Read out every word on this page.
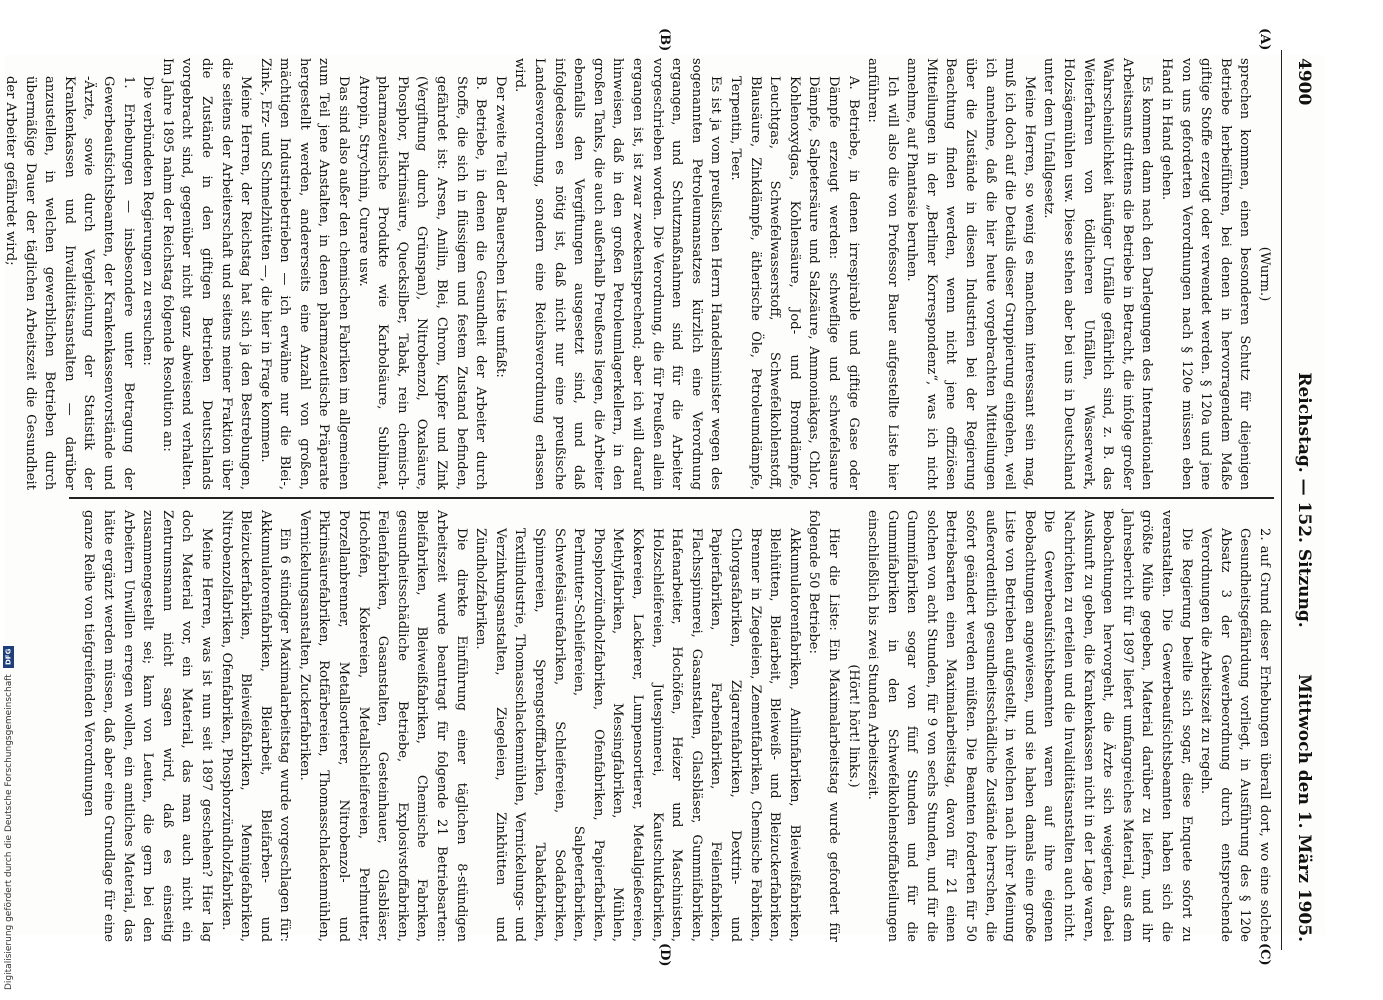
4900
Reichstag. — 152. Sitzung.
Mittwoch den 1. März 1905.
(A)
(B)
(C)
(D)

(Wurm.)

sprechen kommen, einen besonderen Schutz für diejenigen Betriebe herbeiführen, bei denen in hervorragendem Maße giftige Stoffe erzeugt oder verwendet werden. § 120a und jene von uns geforderten Verordnungen nach § 120e müssen eben Hand in Hand gehen.

Es kommen dann nach den Darlegungen des Internationalen Arbeitsamts drittens die Betriebe in Betracht, die infolge großer Wahrscheinlichkeit häufiger Unfälle gefährlich sind, z. B. das Weiterfahren von tödlicheren Unfällen, Wasserwerk, Holzsägemühlen usw. Diese stehen aber bei uns in Deutschland unter dem Unfallgesetz.

Meine Herren, so wenig es manchem interessant sein mag, muß ich doch auf die Details dieser Gruppierung eingehen, weil ich annehme, daß die hier heute vorgebrachten Mitteilungen über die Zustände in diesen Industrien bei der Regierung Beachtung finden werden, wenn nicht jene offiziösen Mitteilungen in der „Berliner Korrespondenz“, was ich nicht annehme, auf Phantasie beruhen.

Ich will also die von Professor Bauer aufgestellte Liste hier anführen:

A. Betriebe, in denen irrespirable und giftige Gase oder Dämpfe erzeugt werden: schweflige und schwefelsaure Dämpfe, Salpetersäure und Salzsäure, Ammoniakgas, Chlor, Kohlenoxydgas, Kohlensäure, Jod- und Bromdämpfe, Leuchtgas, Schwefelwasserstoff, Schwefelkohlenstoff, Blausäure, Zinkdämpfe, ätherische Öle, Petroleumdämpfe, Terpentin, Teer.

Es ist ja vom preußischen Herrn Handelsminister wegen des sogenannten Petroleumansatzes kürzlich eine Verordnung ergangen, und Schutzmaßnahmen sind für die Arbeiter vorgeschrieben worden. Die Verordnung, die für Preußen allein ergangen ist, ist zwar zweckentsprechend; aber ich will darauf hinweisen, daß in den großen Petroleumlagerkellern, in den großen Tanks, die auch außerhalb Preußens liegen, die Arbeiter ebenfalls den Vergiftungen ausgesetzt sind, und daß infolgedessen es nötig ist, daß nicht nur eine preußische Landesverordnung, sondern eine Reichsverordnung erlassen wird.

Der zweite Teil der Bauerschen Liste umfaßt:

B. Betriebe, in denen die Gesundheit der Arbeiter durch Stoffe, die sich in flüssigem und festem Zustand befinden, gefährdet ist: Arsen, Anilin, Blei, Chrom, Kupfer und Zink (Vergiftung durch Grünspan), Nitrobenzol, Oxalsäure, Phosphor, Pikrinsäure, Quecksilber, Tabak, rein chemisch-pharmazeutische Produkte wie Karbolsäure, Sublimat, Atropin, Strychnin, Curare usw.

Das sind also außer den chemischen Fabriken im allgemeinen zum Teil jene Anstalten, in denen pharmazeutische Präparate hergestellt werden, andererseits eine Anzahl von großen, mächtigen Industriebetrieben — ich erwähne nur die Blei-, Zink-, Erz- und Schmelzhütten —, die hier in Frage kommen.

Meine Herren, der Reichstag hat sich ja den Bestrebungen, die seitens der Arbeiterschaft und seitens meiner Fraktion über die Zustände in den giftigen Betrieben Deutschlands vorgebracht sind, gegenüber nicht ganz abweisend verhalten. Im Jahre 1895 nahm der Reichstag folgende Resolution an:

Die verbündeten Regierungen zu ersuchen:

1. Erhebungen — insbesondere unter Betragung der Gewerbeaufsichtsbeamten, der Krankenkassenvorstände und -Ärzte, sowie durch Vergleichung der Statistik der Krankenkassen und Invaliditätsanstalten — darüber anzustellen, in welchen gewerblichen Betrieben durch übermäßige Dauer der täglichen Arbeitszeit die Gesundheit der Arbeiter gefährdet wird;

2. auf Grund dieser Erhebungen überall dort, wo eine solche Gesundheitsgefährdung vorliegt, in Ausführung des § 120e Absatz 3 der Gewerbeordnung durch entsprechende Verordnungen die Arbeitszeit zu regeln.

Die Regierung beeilte sich sogar, diese Enquete sofort zu veranstalten. Die Gewerbeaufsichtsbeamten haben sich die größte Mühe gegeben, Material darüber zu liefern, und ihr Jahresbericht für 1897 liefert umfangreiches Material, aus dem Beobachtungen hervorgeht, die Ärzte sich weigerten, dabei Auskunft zu geben, die Krankenkassen nicht in der Lage waren, Nachrichten zu erteilen und die Invaliditätsanstalten auch nicht. Die Gewerbeaufsichtsbeamten waren auf ihre eigenen Beobachtungen angewiesen, und sie haben damals eine große Liste von Betrieben aufgestellt, in welchen nach ihrer Meinung außerordentlich gesundheitsschädliche Zustände herrschen, die sofort geändert werden müßten. Die Beamten forderten für 50 Betriebsarten einen Maximalarbeitstag, davon für 21 einen solchen von acht Stunden, für 9 von sechs Stunden, und für die Gummifabriken sogar von fünf Stunden und für die Gummifabriken in den Schwefelkohlenstoffabteilungen einschließlich bis zwei Stunden Arbeitszeit.

(Hört! hört! links.)

Hier die Liste: Ein Maximalarbeitstag wurde gefordert für folgende 50 Betriebe:

Akkumulatorenfabriken, Anilinfabriken, Bleiweißfabriken, Bleihütten, Bleiarbeit, Bleiweiß- und Bleizuckerfabriken, Brenner in Ziegeleien, Zementfabriken, Chemische Fabriken, Chlorgasfabriken, Zigarrenfabriken, Dextrin- und Papierfabriken, Farbenfabriken, Feilenfabriken, Flachsspinnerei, Gasanstalten, Glasbläser, Gummifabriken, Hafenarbeiter, Hochöfen, Heizer und Maschinisten, Holzschleifereien, Jutespinnerei, Kautschukfabriken, Kokereien, Lackierer, Lumpensortierer, Metallgießereien, Methylfabriken, Messingfabriken, Mühlen, Phosphorzündholzfabriken, Ofenfabriken, Papierfabriken, Perlmutter-Schleifereien, Salpeterfabriken, Schwefelsäurefabriken, Schleifereien, Sodafabriken, Spinnereien, Sprengstofffabriken, Tabakfabriken, Textilindustrie, Thomasschlackenmühlen, Vernickelungs- und Verzinkungsanstalten, Ziegeleien, Zinkhütten und Zündholzfabriken.

Die direkte Einführung einer täglichen 8-stündigen Arbeitszeit wurde beantragt für folgende 21 Betriebsarten: Bleifabriken, Bleiweißfabriken, Chemische Fabriken, gesundheitsschädliche Betriebe, Explosivstoffabriken, Feilenfabriken, Gasanstalten, Gesteinhauer, Glasbläser, Hochöfen, Kokereien, Metallschleifereien, Perlmutter, Porzellanbrenner, Metallsortierer, Nitrobenzol- und Pikrinsäurefabriken, Rotfärbereien, Thomasschlackenmühlen, Vernickelungsanstalten, Zuckerfabriken.

Ein 6 stündiger Maximalarbeitstag wurde vorgeschlagen für: Akkumulatorenfabriken, Bleiarbeit, Bleifarben- und Bleizuckerfabriken, Bleiweißfabriken, Mennigefabriken, Nitrobenzolfabriken, Ofenfabriken, Phosphorzündholzfabriken.

Meine Herren, was ist nun seit 1897 geschehen? Hier lag doch Material vor, ein Material, das man auch nicht ein Zentrumsmann nicht sagen wird, daß es einseitig zusammengestellt sei; kann von Leuten, die gern bei den Arbeitern Unwillen erregen wollen, ein amtliches Material, das hätte ergänzt werden müssen, daß aber eine Grundlage für eine ganze Reihe von tiefgreifenden Verordnungen

Digitalisierung gefördert durch die Deutsche Forschungsgemeinschaft
DFG
